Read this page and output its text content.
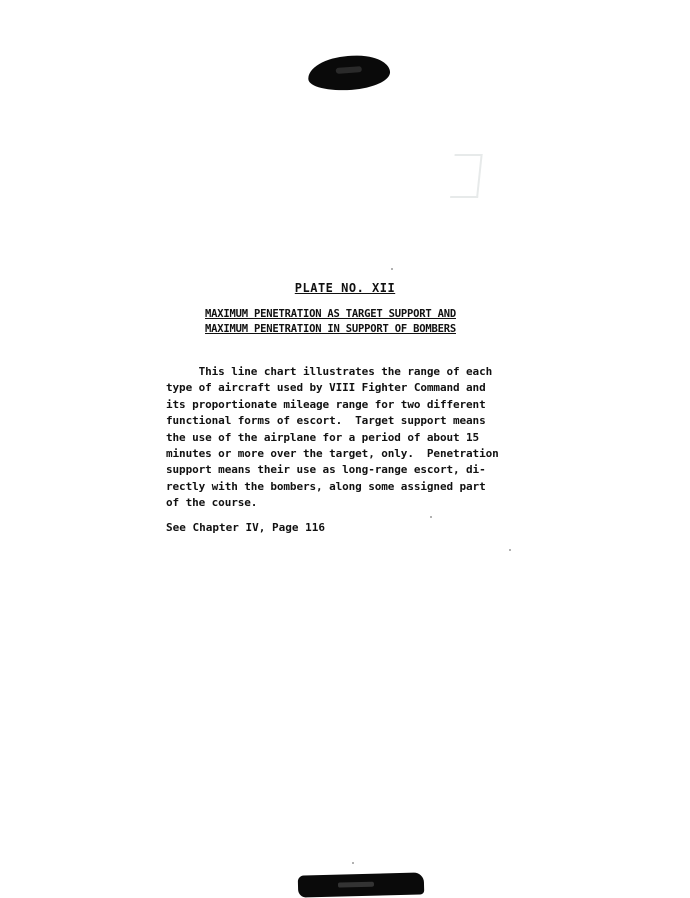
PLATE NO. XII
MAXIMUM PENETRATION AS TARGET SUPPORT AND
MAXIMUM PENETRATION IN SUPPORT OF BOMBERS
This line chart illustrates the range of each
type of aircraft used by VIII Fighter Command and
its proportionate mileage range for two different
functional forms of escort.  Target support means
the use of the airplane for a period of about 15
minutes or more over the target, only.  Penetration
support means their use as long-range escort, di-
rectly with the bombers, along some assigned part
of the course.
See Chapter IV, Page 116
